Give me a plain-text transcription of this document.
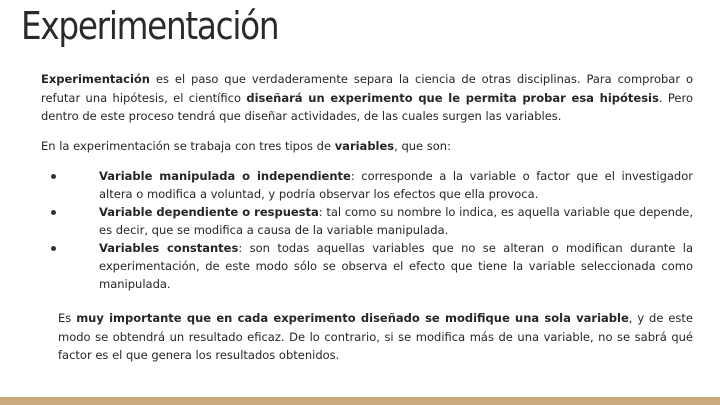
Experimentación

Experimentación es el paso que verdaderamente separa la ciencia de otras disciplinas. Para comprobar o refutar una hipótesis, el científico diseñará un experimento que le permita probar esa hipótesis. Pero dentro de este proceso tendrá que diseñar actividades, de las cuales surgen las variables.

En la experimentación se trabaja con tres tipos de variables, que son:

Variable manipulada o independiente: corresponde a la variable o factor que el investigador altera o modifica a voluntad, y podría observar los efectos que ella provoca.
Variable dependiente o respuesta: tal como su nombre lo indica, es aquella variable que depende, es decir, que se modifica a causa de la variable manipulada.
Variables constantes: son todas aquellas variables que no se alteran o modifican durante la experimentación, de este modo sólo se observa el efecto que tiene la variable seleccionada como manipulada.

Es muy importante que en cada experimento diseñado se modifique una sola variable, y de este modo se obtendrá un resultado eficaz. De lo contrario, si se modifica más de una variable, no se sabrá qué factor es el que genera los resultados obtenidos.
